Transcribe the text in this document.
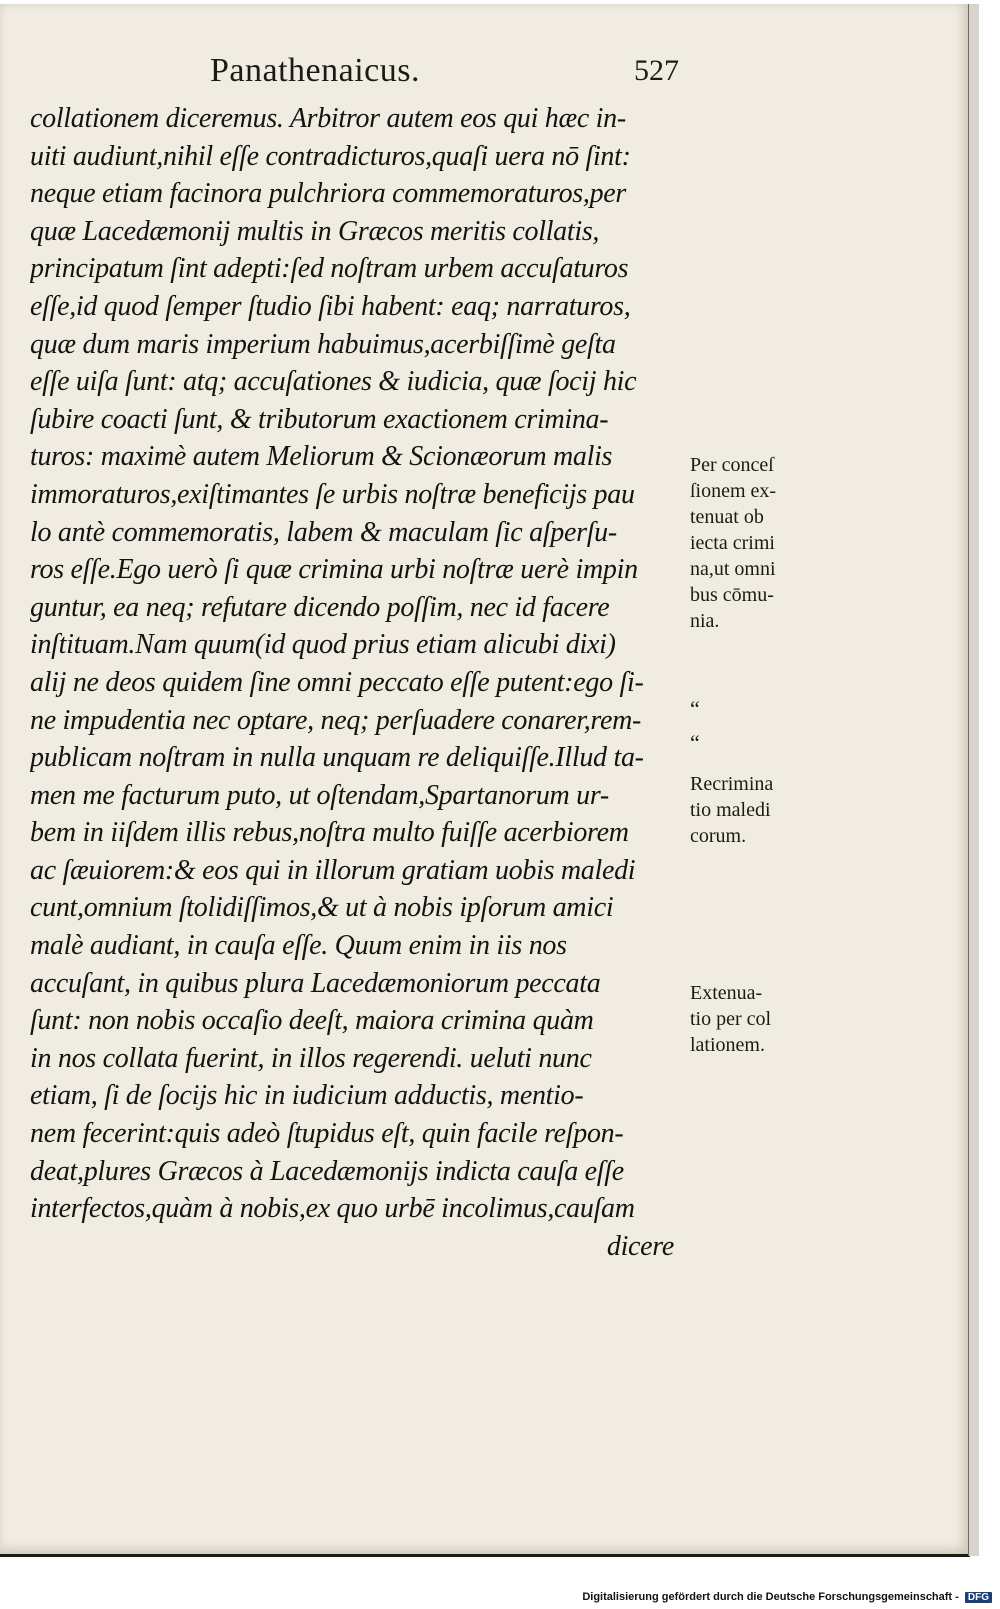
Panathenaicus.	527
collationem diceremus. Arbitror autem eos qui hæc in-
uiti audiunt,nihil eſſe contradicturos,quaſi uera nō ſint:
neque etiam facinora pulchriora commemoraturos,per
quæ Lacedæmonij multis in Græcos meritis collatis,
principatum ſint adepti:ſed noſtram urbem accuſaturos
eſſe,id quod ſemper ſtudio ſibi habent: eaq; narraturos,
quæ dum maris imperium habuimus,acerbiſſimè geſta
eſſe uiſa ſunt: atq; accuſationes & iudicia, quæ ſocij hic
ſubire coacti ſunt, & tributorum exactionem crimina-
turos: maximè autem Meliorum & Scionæorum malis
immoraturos,exiſtimantes ſe urbis noſtræ beneficijs pau
lo antè commemoratis, labem & maculam ſic aſperſu-
ros eſſe.Ego uerò ſi quæ crimina urbi noſtræ uerè impin
guntur, ea neq; refutare dicendo poſſim, nec id facere
inſtituam.Nam quum(id quod prius etiam alicubi dixi)
alij ne deos quidem ſine omni peccato eſſe putent:ego ſi-
ne impudentia nec optare, neq; perſuadere conarer,rem-
publicam noſtram in nulla unquam re deliquiſſe.Illud ta-
men me facturum puto, ut oſtendam,Spartanorum ur-
bem in iiſdem illis rebus,noſtra multo fuiſſe acerbiorem
ac ſæuiorem:& eos qui in illorum gratiam uobis maledi
cunt,omnium ſtolidiſſimos,& ut à nobis ipſorum amici
malè audiant, in cauſa eſſe. Quum enim in iis nos
accuſant, in quibus plura Lacedæmoniorum peccata
ſunt: non nobis occaſio deeſt, maiora crimina quàm
in nos collata fuerint, in illos regerendi. ueluti nunc
etiam, ſi de ſocijs hic in iudicium adductis, mentio-
nem fecerint:quis adeò ſtupidus eſt, quin facile reſpon-
deat,plures Græcos à Lacedæmonijs indicta cauſa eſſe
interfectos,quàm à nobis,ex quo urbē incolimus,cauſam
dicere
Per conceſ
ſionem ex-
tenuat ob
iecta crimi
na,ut omni
bus cōmu-
nia.
“
“
Recrimina
tio maledi
corum.
Extenua-
tio per col
lationem.
Digitalisierung gefördert durch die Deutsche Forschungsgemeinschaft - DFG
